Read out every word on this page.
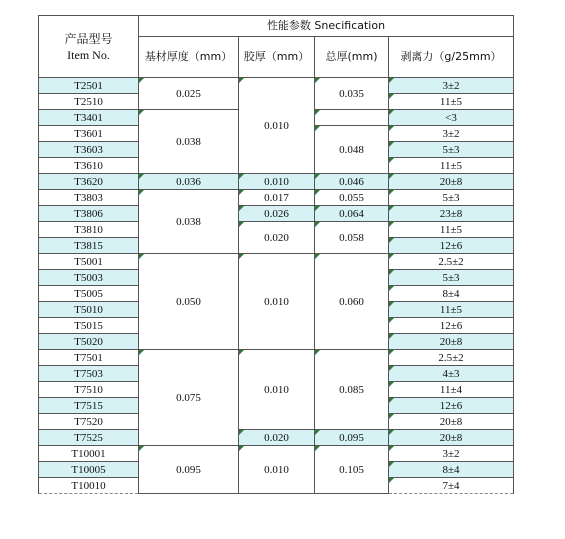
产品型号
Item No.	性能参数 Snecification			
	基材厚度（mm）	胶厚（mm）	总厚(mm)	剥离力（g/25mm）
T2501	0.025	0.010	0.035	3±2
T2510				11±5
T3401	0.038			<3
T3601			0.048	3±2
T3603				5±3
T3610				11±5
T3620	0.036	0.010	0.046	20±8
T3803	0.038	0.017	0.055	5±3
T3806		0.026	0.064	23±8
T3810		0.020	0.058	11±5
T3815				12±6
T5001	0.050	0.010	0.060	2.5±2
T5003				5±3
T5005				8±4
T5010				11±5
T5015				12±6
T5020				20±8
T7501	0.075	0.010	0.085	2.5±2
T7503				4±3
T7510				11±4
T7515				12±6
T7520				20±8
T7525		0.020	0.095	20±8
T10001	0.095	0.010	0.105	3±2
T10005				8±4
T10010				7±4
